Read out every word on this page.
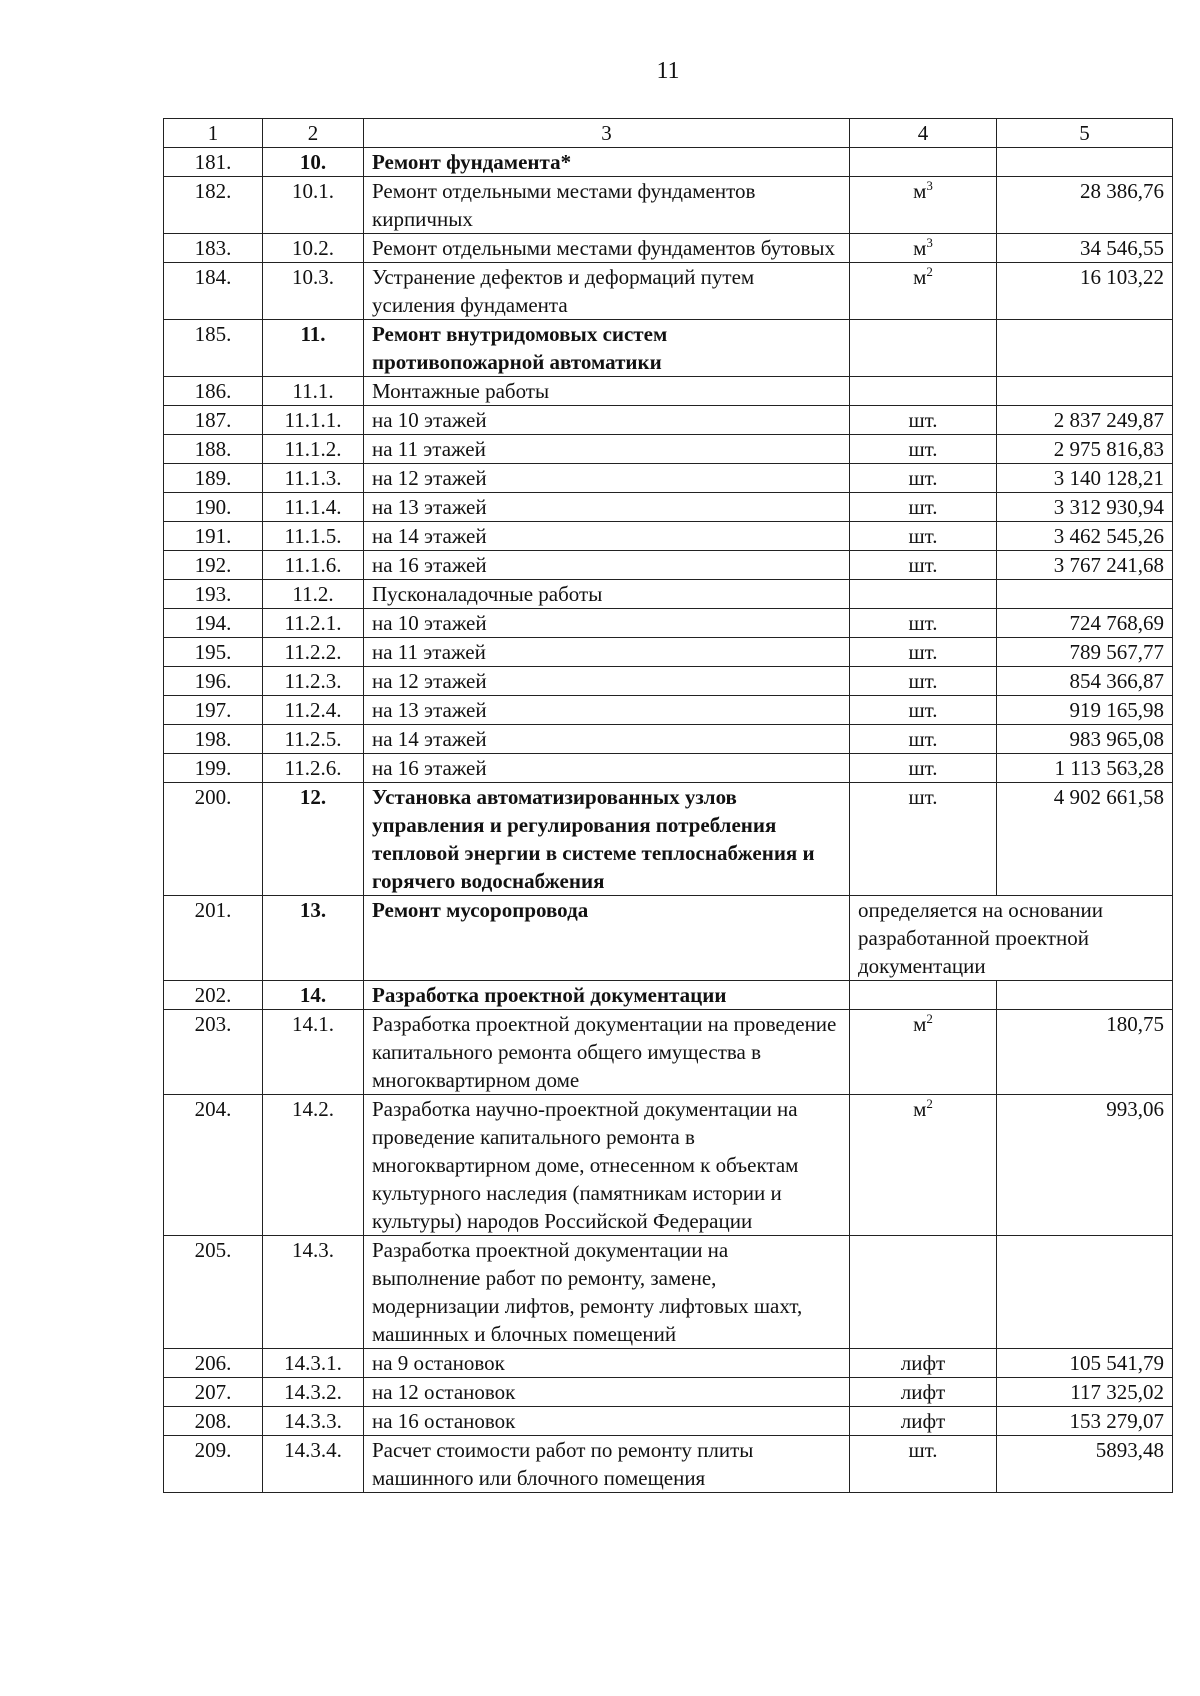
11
1	2	3	4	5
181.	10.	Ремонт фундамента*		
182.	10.1.	Ремонт отдельными местами фундаментов кирпичных	$м^3$	28 386,76
183.	10.2.	Ремонт отдельными местами фундаментов бутовых	$м^3$	34 546,55
184.	10.3.	Устранение дефектов и деформаций путем усиления фундамента	$м^2$	16 103,22
185.	11.	Ремонт внутридомовых систем противопожарной автоматики		
186.	11.1.	Монтажные работы		
187.	11.1.1.	на 10 этажей	шт.	2 837 249,87
188.	11.1.2.	на 11 этажей	шт.	2 975 816,83
189.	11.1.3.	на 12 этажей	шт.	3 140 128,21
190.	11.1.4.	на 13 этажей	шт.	3 312 930,94
191.	11.1.5.	на 14 этажей	шт.	3 462 545,26
192.	11.1.6.	на 16 этажей	шт.	3 767 241,68
193.	11.2.	Пусконаладочные работы		
194.	11.2.1.	на 10 этажей	шт.	724 768,69
195.	11.2.2.	на 11 этажей	шт.	789 567,77
196.	11.2.3.	на 12 этажей	шт.	854 366,87
197.	11.2.4.	на 13 этажей	шт.	919 165,98
198.	11.2.5.	на 14 этажей	шт.	983 965,08
199.	11.2.6.	на 16 этажей	шт.	1 113 563,28
200.	12.	Установка автоматизированных узлов управления и регулирования потребления тепловой энергии в системе теплоснабжения и горячего водоснабжения	шт.	4 902 661,58
201.	13.	Ремонт мусоропровода	определяется на основании разработанной проектной документации	
202.	14.	Разработка проектной документации		
203.	14.1.	Разработка проектной документации на проведение капитального ремонта общего имущества в многоквартирном доме	$м^2$	180,75
204.	14.2.	Разработка научно-проектной документации на проведение капитального ремонта в многоквартирном доме, отнесенном к объектам культурного наследия (памятникам истории и культуры) народов Российской Федерации	$м^2$	993,06
205.	14.3.	Разработка проектной документации на выполнение работ по ремонту, замене, модернизации лифтов, ремонту лифтовых шахт, машинных и блочных помещений		
206.	14.3.1.	на 9 остановок	лифт	105 541,79
207.	14.3.2.	на 12 остановок	лифт	117 325,02
208.	14.3.3.	на 16 остановок	лифт	153 279,07
209.	14.3.4.	Расчет стоимости работ по ремонту плиты машинного или блочного помещения	шт.	5893,48
